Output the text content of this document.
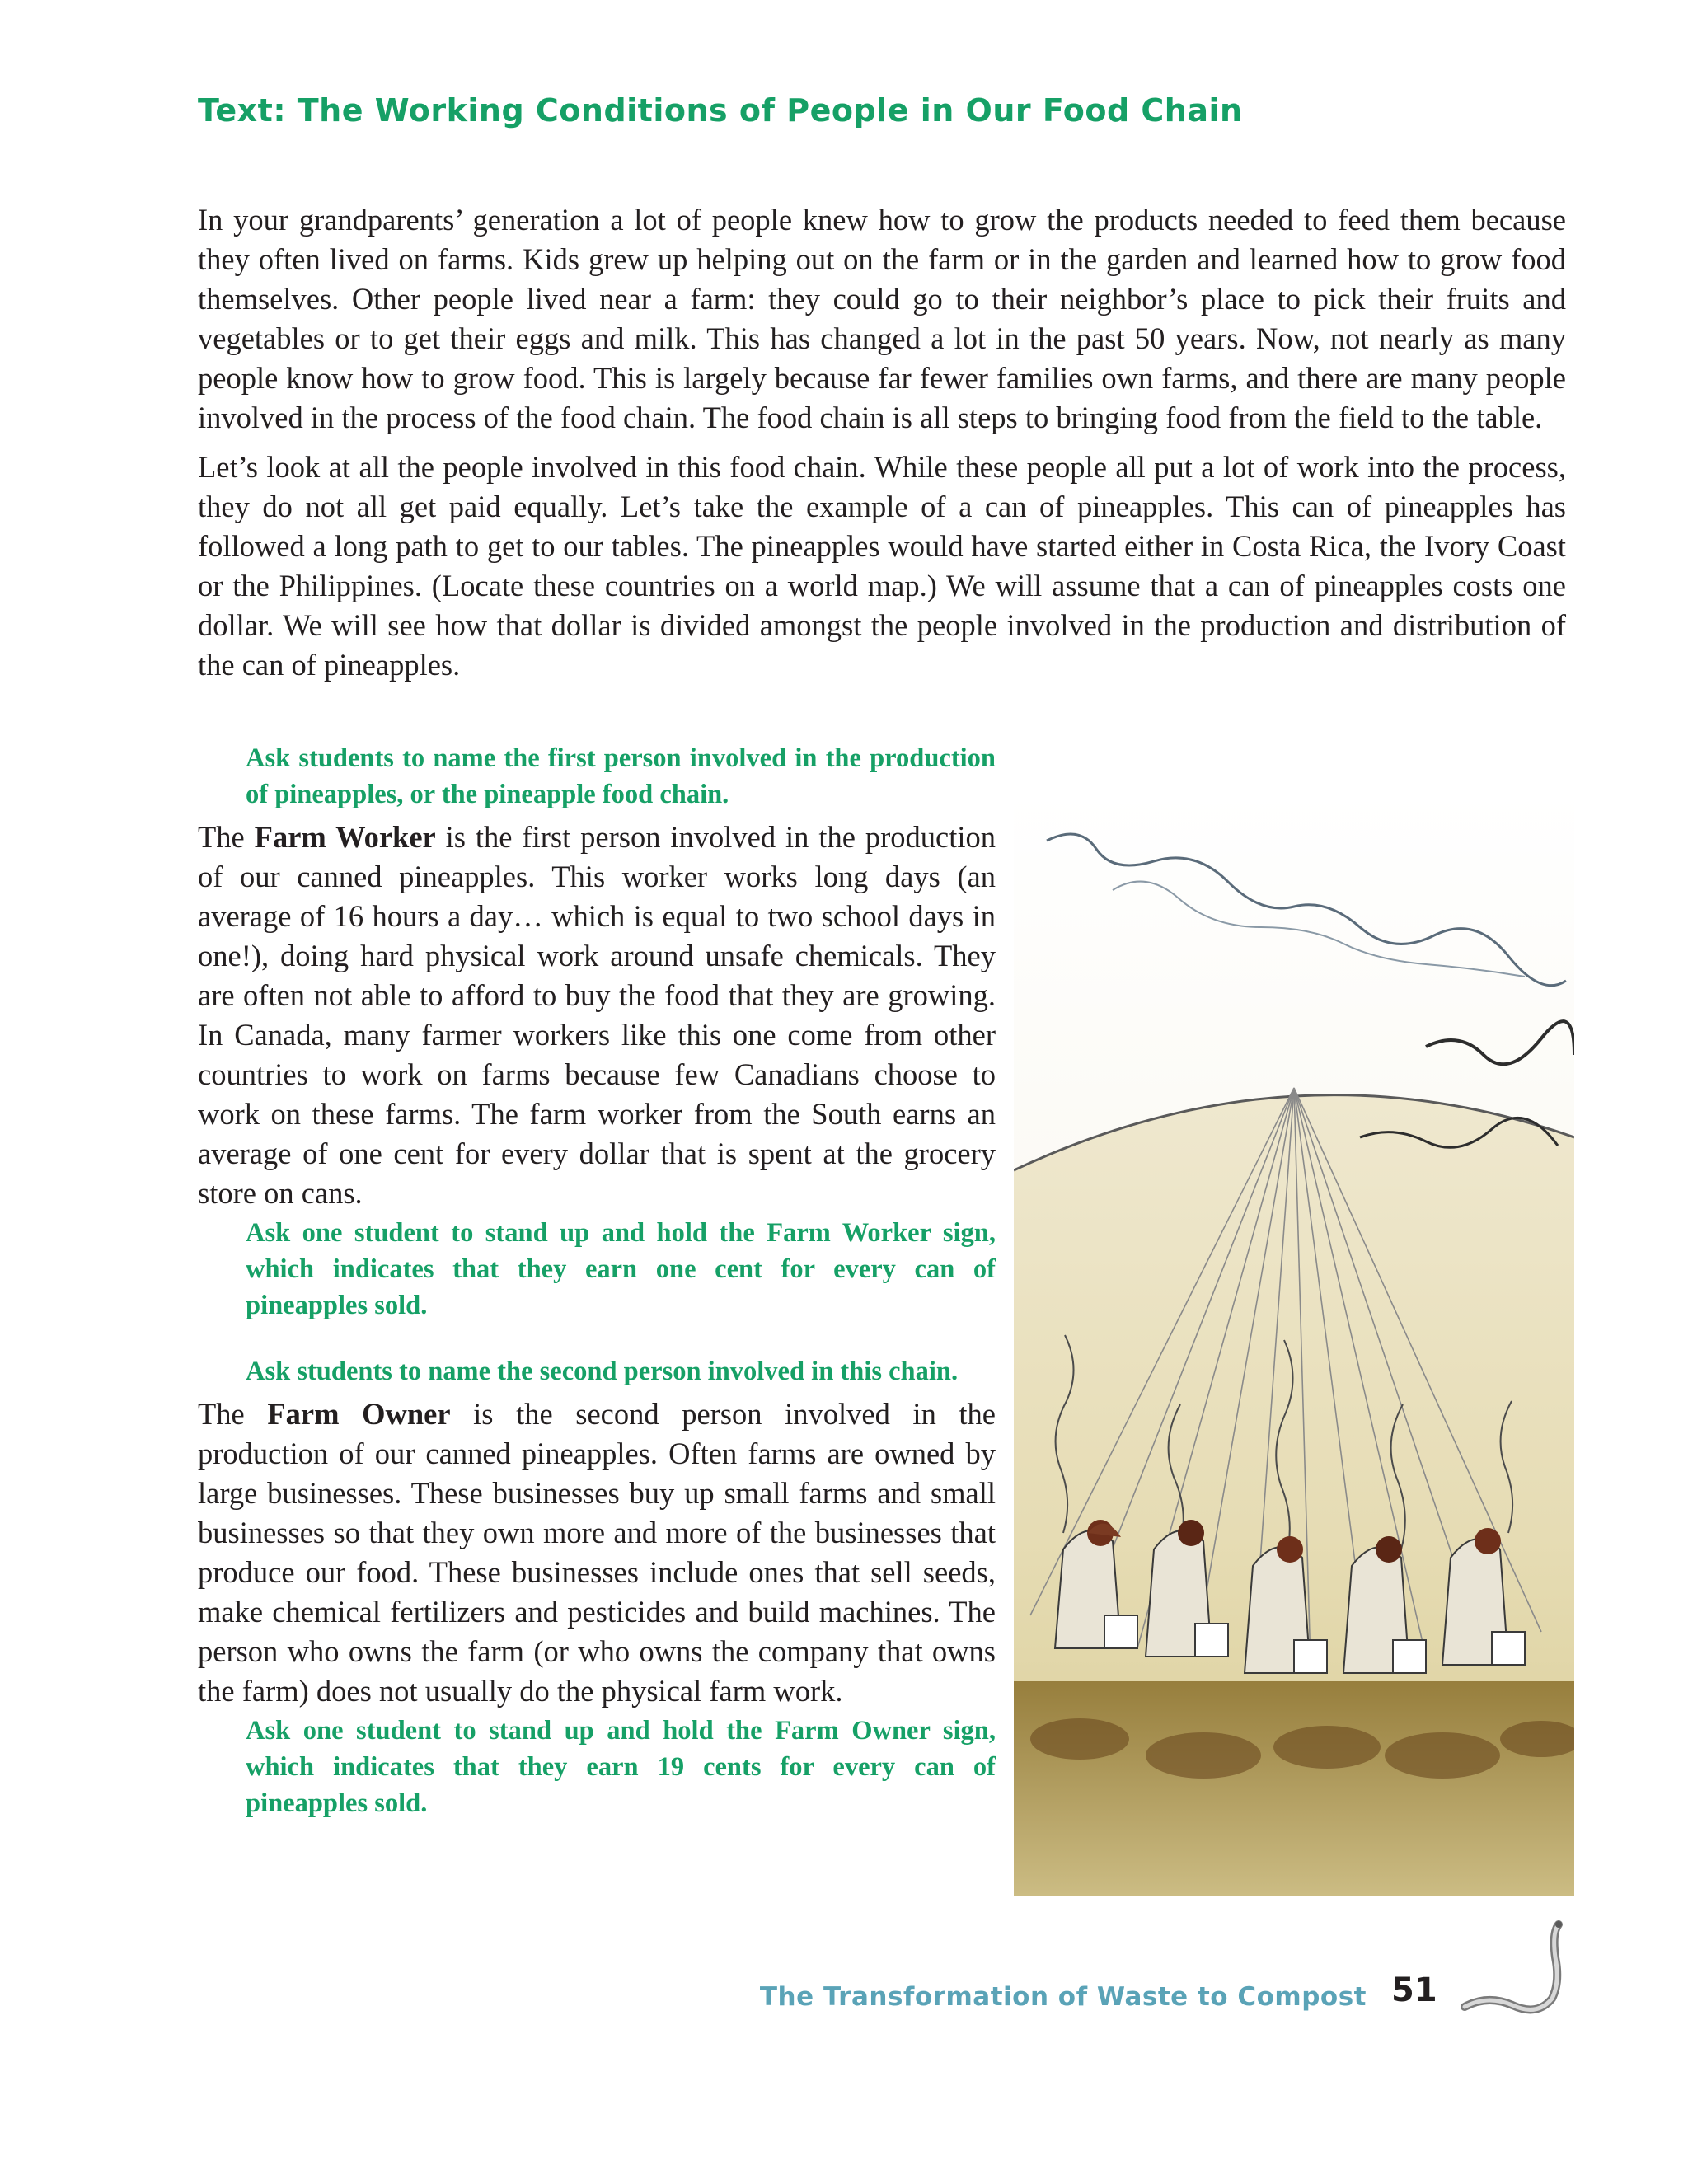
Text: The Working Conditions of People in Our Food Chain

In your grandparents’ generation a lot of people knew how to grow the products needed to feed them because they often lived on farms. Kids grew up helping out on the farm or in the garden and learned how to grow food themselves. Other people lived near a farm: they could go to their neighbor’s place to pick their fruits and vegetables or to get their eggs and milk. This has changed a lot in the past 50 years. Now, not nearly as many people know how to grow food. This is largely because far fewer families own farms, and there are many people involved in the process of the food chain. The food chain is all steps to bringing food from the field to the table.

Let’s look at all the people involved in this food chain. While these people all put a lot of work into the process, they do not all get paid equally. Let’s take the example of a can of pineapples. This can of pineapples has followed a long path to get to our tables. The pineapples would have started either in Costa Rica, the Ivory Coast or the Philippines. (Locate these countries on a world map.) We will assume that a can of pineapples costs one dollar. We will see how that dollar is divided amongst the people involved in the production and distribution of the can of pineapples.

Ask students to name the first person involved in the production of pineapples, or the pineapple food chain.

The Farm Worker is the first person involved in the production of our canned pineapples. This worker works long days (an average of 16 hours a day… which is equal to two school days in one!), doing hard physical work around unsafe chemicals. They are often not able to afford to buy the food that they are growing. In Canada, many farmer workers like this one come from other countries to work on farms because few Canadians choose to work on these farms. The farm worker from the South earns an average of one cent for every dollar that is spent at the grocery store on cans.

Ask one student to stand up and hold the Farm Worker sign, which indicates that they earn one cent for every can of pineapples sold.

Ask students to name the second person involved in this chain.

The Farm Owner is the second person involved in the production of our canned pineapples. Often farms are owned by large businesses. These businesses buy up small farms and small businesses so that they own more and more of the businesses that produce our food. These businesses include ones that sell seeds, make chemical fertilizers and pesticides and build machines. The person who owns the farm (or who owns the company that owns the farm) does not usually do the physical farm work.

Ask one student to stand up and hold the Farm Owner sign, which indicates that they earn 19 cents for every can of pineapples sold.

The Transformation of Waste to Compost 51
